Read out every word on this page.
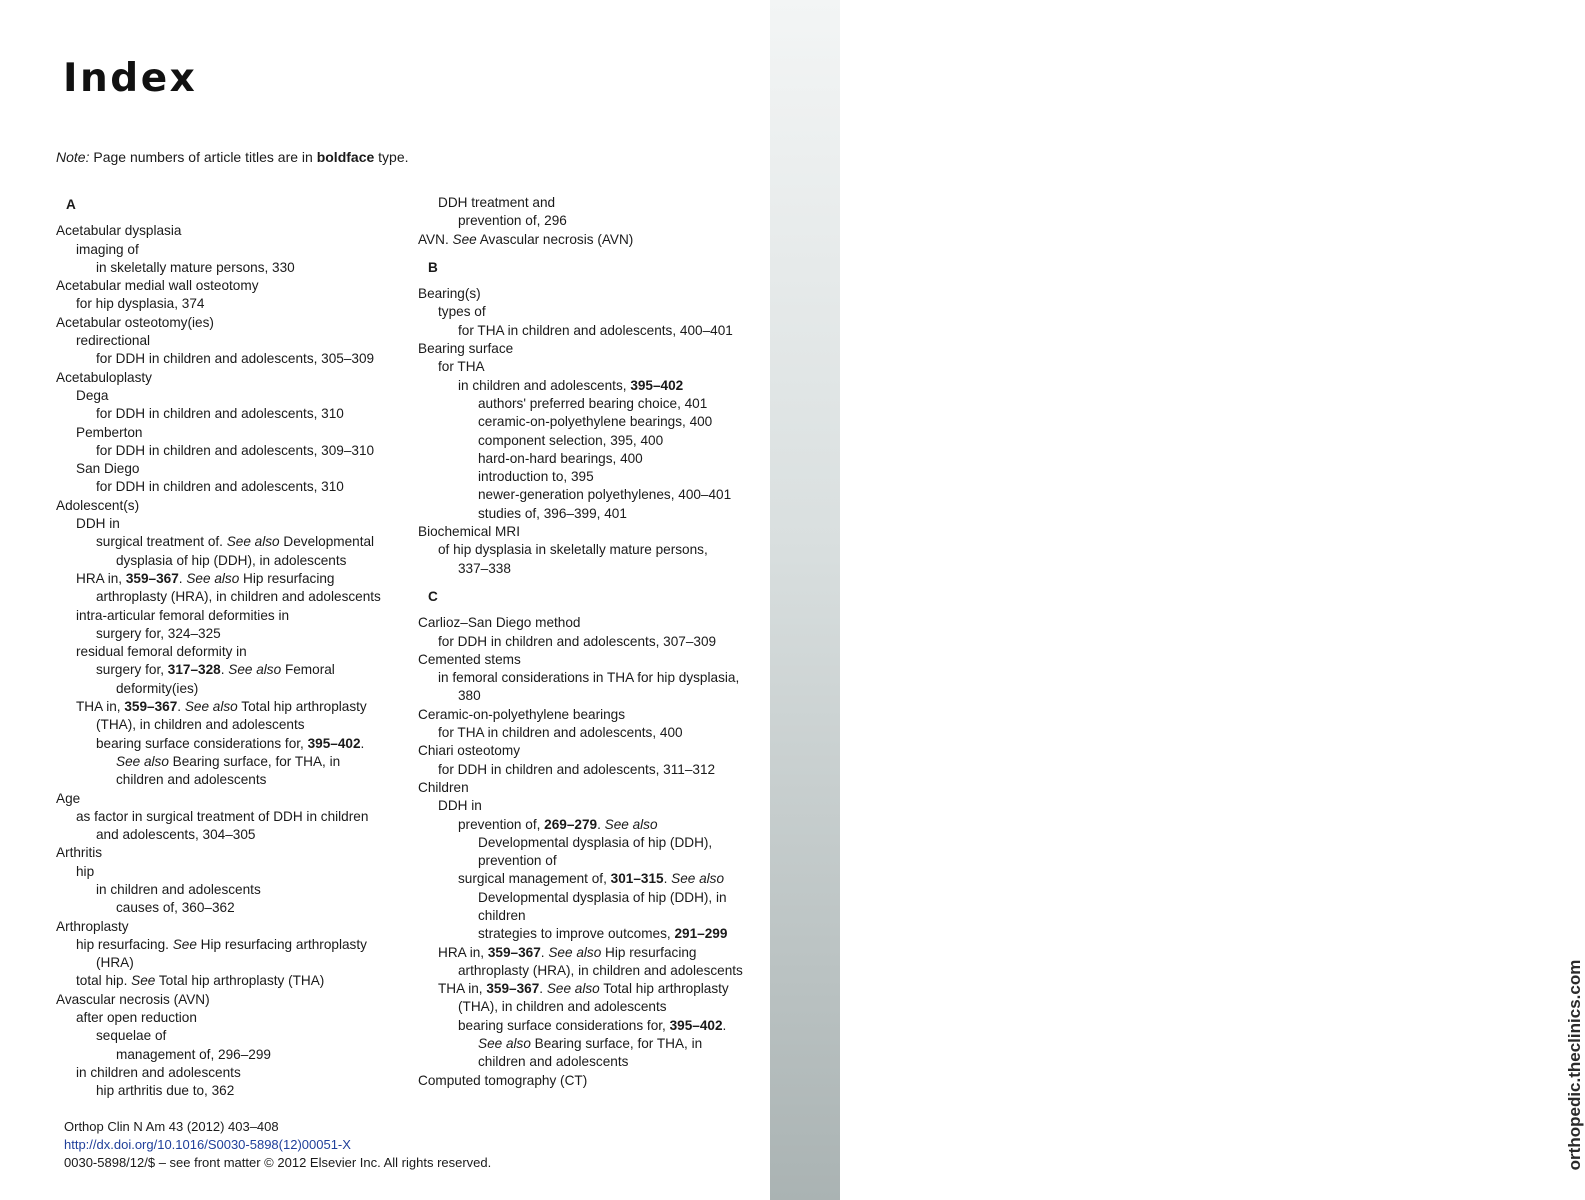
orthopedic.theclinics.com
Index
Note: Page numbers of article titles are in boldface type.
A
Acetabular dysplasia
imaging of
in skeletally mature persons, 330
Acetabular medial wall osteotomy
for hip dysplasia, 374
Acetabular osteotomy(ies)
redirectional
for DDH in children and adolescents, 305–309
Acetabuloplasty
Dega
for DDH in children and adolescents, 310
Pemberton
for DDH in children and adolescents, 309–310
San Diego
for DDH in children and adolescents, 310
Adolescent(s)
DDH in
surgical treatment of. See also Developmental
dysplasia of hip (DDH), in adolescents
HRA in, 359–367. See also Hip resurfacing
arthroplasty (HRA), in children and adolescents
intra-articular femoral deformities in
surgery for, 324–325
residual femoral deformity in
surgery for, 317–328. See also Femoral
deformity(ies)
THA in, 359–367. See also Total hip arthroplasty
(THA), in children and adolescents
bearing surface considerations for, 395–402.
See also Bearing surface, for THA, in
children and adolescents
Age
as factor in surgical treatment of DDH in children
and adolescents, 304–305
Arthritis
hip
in children and adolescents
causes of, 360–362
Arthroplasty
hip resurfacing. See Hip resurfacing arthroplasty
(HRA)
total hip. See Total hip arthroplasty (THA)
Avascular necrosis (AVN)
after open reduction
sequelae of
management of, 296–299
in children and adolescents
hip arthritis due to, 362
DDH treatment and
prevention of, 296
AVN. See Avascular necrosis (AVN)
B
Bearing(s)
types of
for THA in children and adolescents, 400–401
Bearing surface
for THA
in children and adolescents, 395–402
authors' preferred bearing choice, 401
ceramic-on-polyethylene bearings, 400
component selection, 395, 400
hard-on-hard bearings, 400
introduction to, 395
newer-generation polyethylenes, 400–401
studies of, 396–399, 401
Biochemical MRI
of hip dysplasia in skeletally mature persons,
337–338
C
Carlioz–San Diego method
for DDH in children and adolescents, 307–309
Cemented stems
in femoral considerations in THA for hip dysplasia,
380
Ceramic-on-polyethylene bearings
for THA in children and adolescents, 400
Chiari osteotomy
for DDH in children and adolescents, 311–312
Children
DDH in
prevention of, 269–279. See also
Developmental dysplasia of hip (DDH),
prevention of
surgical management of, 301–315. See also
Developmental dysplasia of hip (DDH), in
children
strategies to improve outcomes, 291–299
HRA in, 359–367. See also Hip resurfacing
arthroplasty (HRA), in children and adolescents
THA in, 359–367. See also Total hip arthroplasty
(THA), in children and adolescents
bearing surface considerations for, 395–402.
See also Bearing surface, for THA, in
children and adolescents
Computed tomography (CT)
Orthop Clin N Am 43 (2012) 403–408
http://dx.doi.org/10.1016/S0030-5898(12)00051-X
0030-5898/12/$ – see front matter © 2012 Elsevier Inc. All rights reserved.
